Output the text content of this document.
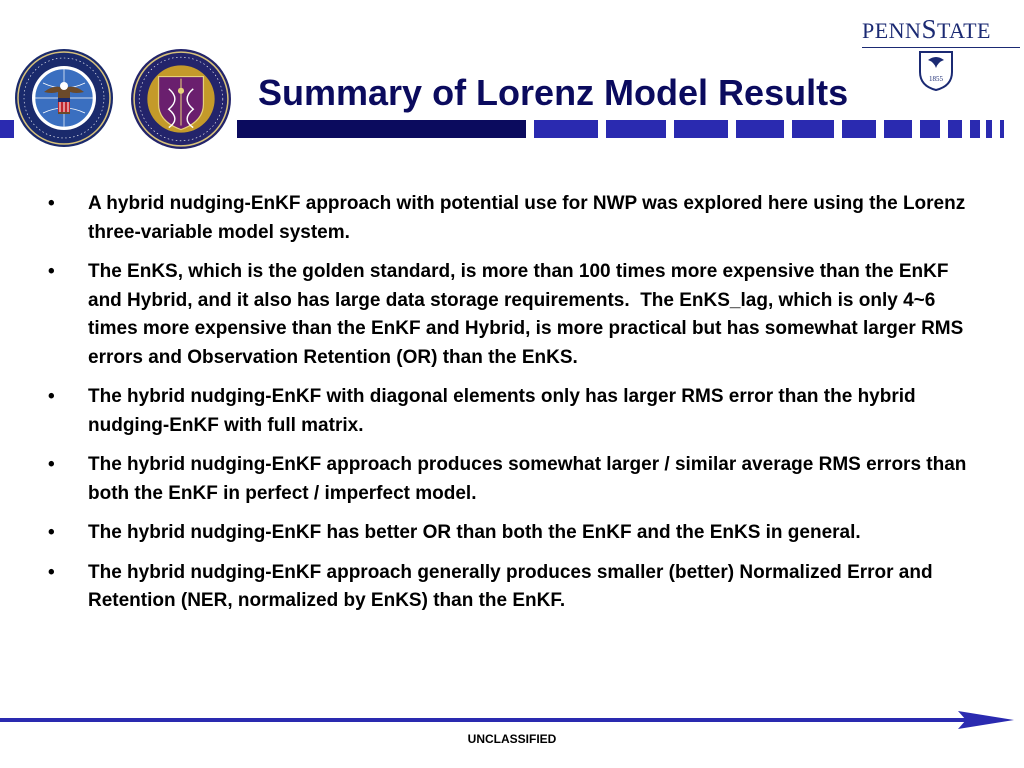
Summary of Lorenz Model Results
PENNSTATE
1855
•	A hybrid nudging-EnKF approach with potential use for NWP was explored here using the Lorenz three-variable model system.
•	The EnKS, which is the golden standard, is more than 100 times more expensive than the EnKF and Hybrid, and it also has large data storage requirements.  The EnKS_lag, which is only 4~6 times more expensive than the EnKF and Hybrid, is more practical but has somewhat larger RMS errors and Observation Retention (OR) than the EnKS.
•	The hybrid nudging-EnKF with diagonal elements only has larger RMS error than the hybrid nudging-EnKF with full matrix.
•	The hybrid nudging-EnKF approach produces somewhat larger / similar average RMS errors than both the EnKF in perfect / imperfect model.
•	The hybrid nudging-EnKF has better OR than both the EnKF and the EnKS in general.
•	The hybrid nudging-EnKF approach generally produces smaller (better) Normalized Error and Retention (NER, normalized by EnKS) than the EnKF.
UNCLASSIFIED
